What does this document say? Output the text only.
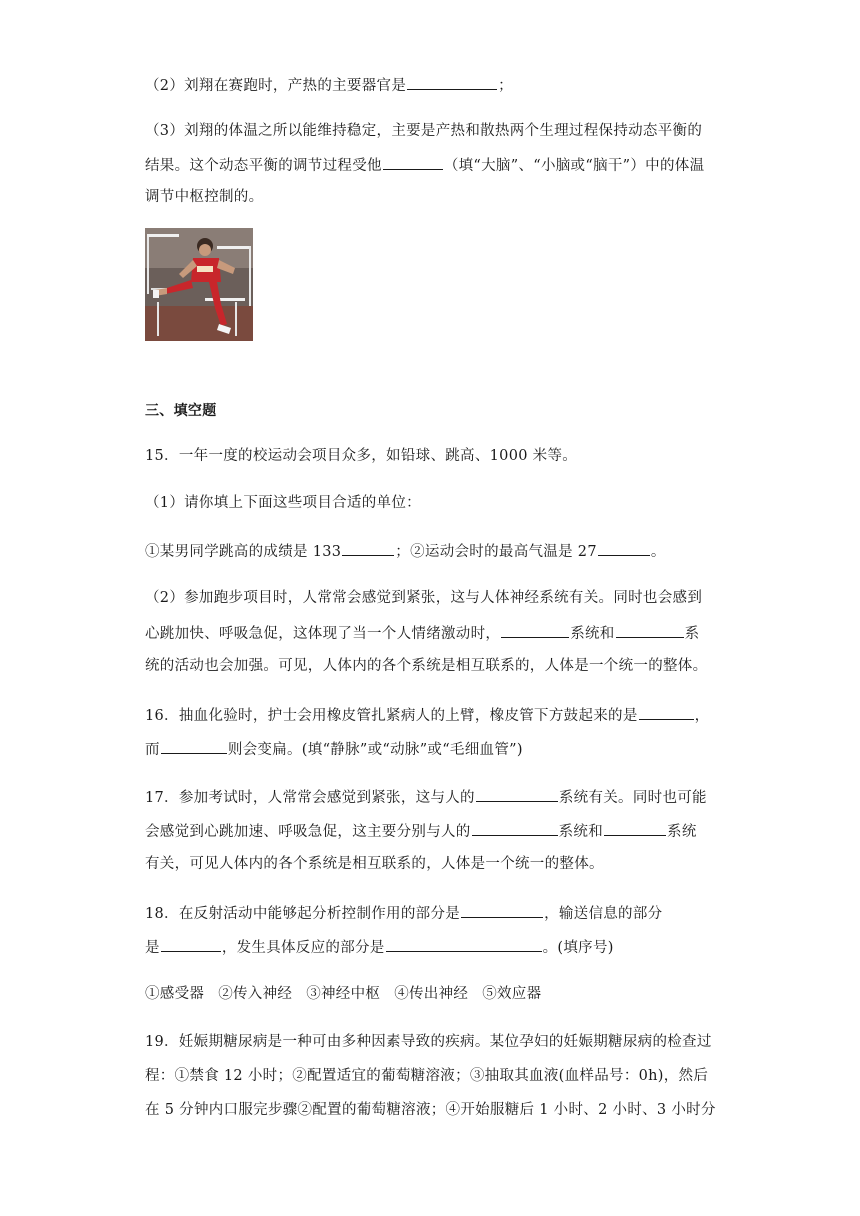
（2）刘翔在赛跑时，产热的主要器官是	；
（3）刘翔的体温之所以能维持稳定，主要是产热和散热两个生理过程保持动态平衡的
结果。这个动态平衡的调节过程受他	（填“大脑”、“小脑或“脑干”）中的体温
调节中枢控制的。
三、填空题
15．一年一度的校运动会项目众多，如铅球、跳高、1000 米等。
（1）请你填上下面这些项目合适的单位：
①某男同学跳高的成绩是 133	；②运动会时的最高气温是 27	。
（2）参加跑步项目时，人常常会感觉到紧张，这与人体神经系统有关。同时也会感到
心跳加快、呼吸急促，这体现了当一个人情绪激动时，	系统和	系
统的活动也会加强。可见，人体内的各个系统是相互联系的，人体是一个统一的整体。
16．抽血化验时，护士会用橡皮管扎紧病人的上臂，橡皮管下方鼓起来的是	，
而	则会变扁。(填“静脉”或“动脉”或“毛细血管”)
17．参加考试时，人常常会感觉到紧张，这与人的	系统有关。同时也可能
会感觉到心跳加速、呼吸急促，这主要分别与人的	系统和	系统
有关，可见人体内的各个系统是相互联系的，人体是一个统一的整体。
18．在反射活动中能够起分析控制作用的部分是	，输送信息的部分
是	，发生具体反应的部分是	。(填序号)
①感受器 ②传入神经 ③神经中枢 ④传出神经 ⑤效应器
19．妊娠期糖尿病是一种可由多种因素导致的疾病。某位孕妇的妊娠期糖尿病的检查过
程：①禁食 12 小时；②配置适宜的葡萄糖溶液；③抽取其血液(血样品号：0h)，然后
在 5 分钟内口服完步骤②配置的葡萄糖溶液；④开始服糖后 1 小时、2 小时、3 小时分
